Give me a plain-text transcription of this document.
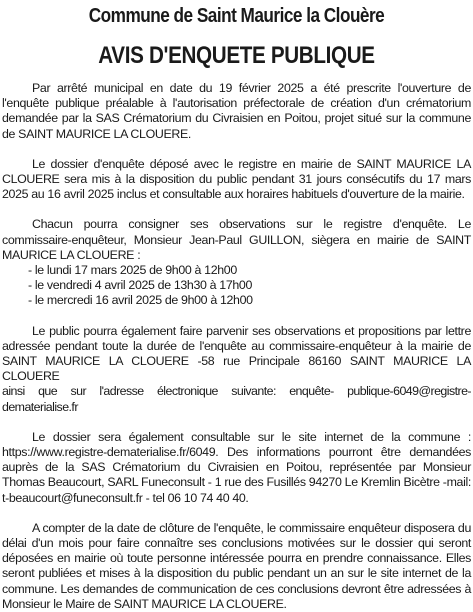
Commune de Saint Maurice la Clouère
AVIS D'ENQUETE PUBLIQUE

Par arrêté municipal en date du 19 février 2025 a été prescrite l'ouverture de l'enquête publique préalable à l'autorisation préfectorale de création d'un crématorium demandée par la SAS Crématorium du Civraisien en Poitou, projet situé sur la commune de SAINT MAURICE LA CLOUERE.

Le dossier d'enquête déposé avec le registre en mairie de SAINT MAURICE LA CLOUERE sera mis à la disposition du public pendant 31 jours consécutifs du 17 mars 2025 au 16 avril 2025 inclus et consultable aux horaires habituels d'ouverture de la mairie.

Chacun pourra consigner ses observations sur le registre d'enquête. Le commissaire-enquêteur, Monsieur Jean-Paul GUILLON, siègera en mairie de SAINT MAURICE LA CLOUERE :
- le lundi 17 mars 2025 de 9h00 à 12h00
- le vendredi 4 avril 2025 de 13h30 à 17h00
- le mercredi 16 avril 2025 de 9h00 à 12h00
Le public pourra également faire parvenir ses observations et propositions par lettre adressée pendant toute la durée de l'enquête au commissaire-enquêteur à la mairie de SAINT MAURICE LA CLOUERE -58 rue Principale 86160 SAINT MAURICE LA CLOUERE
ainsi que sur l'adresse électronique suivante: enquête- publique-6049@registre-dematerialise.fr

Le dossier sera également consultable sur le site internet de la commune : https://www.registre-dematerialise.fr/6049. Des informations pourront être demandées auprès de la SAS Crématorium du Civraisien en Poitou, représentée par Monsieur Thomas Beaucourt, SARL Funeconsult - 1 rue des Fusillés 94270 Le Kremlin Bicètre -mail: t-beaucourt@funeconsult.fr - tel 06 10 74 40 40.

A compter de la date de clôture de l'enquête, le commissaire enquêteur disposera du délai d'un mois pour faire connaître ses conclusions motivées sur le dossier qui seront déposées en mairie où toute personne intéressée pourra en prendre connaissance. Elles seront publiées et mises à la disposition du public pendant un an sur le site internet de la commune. Les demandes de communication de ces conclusions devront être adressées à Monsieur le Maire de SAINT MAURICE LA CLOUERE.
